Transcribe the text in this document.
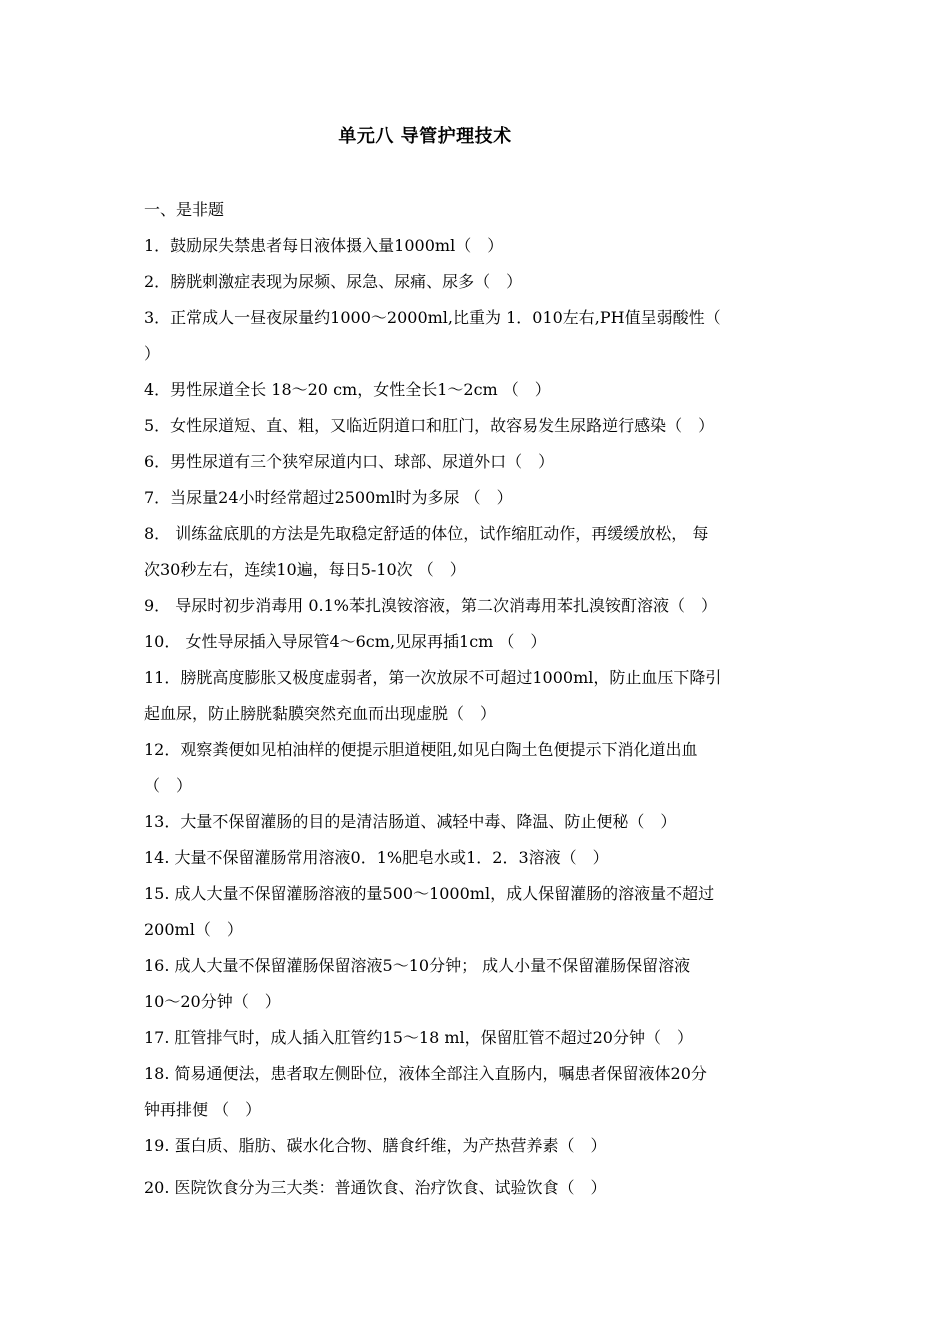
单元八 导管护理技术
一、是非题
1．鼓励尿失禁患者每日液体摄入量1000ml（　）
2．膀胱刺激症表现为尿频、尿急、尿痛、尿多（　）
3．正常成人一昼夜尿量约1000～2000ml,比重为 1．010左右,PH值呈弱酸性（
）
4．男性尿道全长 18～20 cm，女性全长1～2cm （　）
5．女性尿道短、直、粗，又临近阴道口和肛门，故容易发生尿路逆行感染（　）
6．男性尿道有三个狭窄尿道内口、球部、尿道外口（　）
7．当尿量24小时经常超过2500ml时为多尿 （　）
8． 训练盆底肌的方法是先取稳定舒适的体位，试作缩肛动作，再缓缓放松， 每
次30秒左右，连续10遍，每日5-10次 （　）
9． 导尿时初步消毒用 0.1%苯扎溴铵溶液，第二次消毒用苯扎溴铵酊溶液（　）
10． 女性导尿插入导尿管4～6cm,见尿再插1cm （　）
11．膀胱高度膨胀又极度虚弱者，第一次放尿不可超过1000ml，防止血压下降引
起血尿，防止膀胱黏膜突然充血而出现虚脱（　）
12．观察粪便如见柏油样的便提示胆道梗阻,如见白陶土色便提示下消化道出血
（　）
13．大量不保留灌肠的目的是清洁肠道、减轻中毒、降温、防止便秘（　）
14. 大量不保留灌肠常用溶液0．1%肥皂水或1．2．3溶液（　）
15. 成人大量不保留灌肠溶液的量500～1000ml，成人保留灌肠的溶液量不超过
200ml（　）
16. 成人大量不保留灌肠保留溶液5～10分钟； 成人小量不保留灌肠保留溶液
10～20分钟（　）
17. 肛管排气时，成人插入肛管约15～18 ml，保留肛管不超过20分钟（　）
18. 简易通便法，患者取左侧卧位，液体全部注入直肠内，嘱患者保留液体20分
钟再排便 （　）
19. 蛋白质、脂肪、碳水化合物、膳食纤维，为产热营养素（　）
20. 医院饮食分为三大类：普通饮食、治疗饮食、试验饮食（　）
